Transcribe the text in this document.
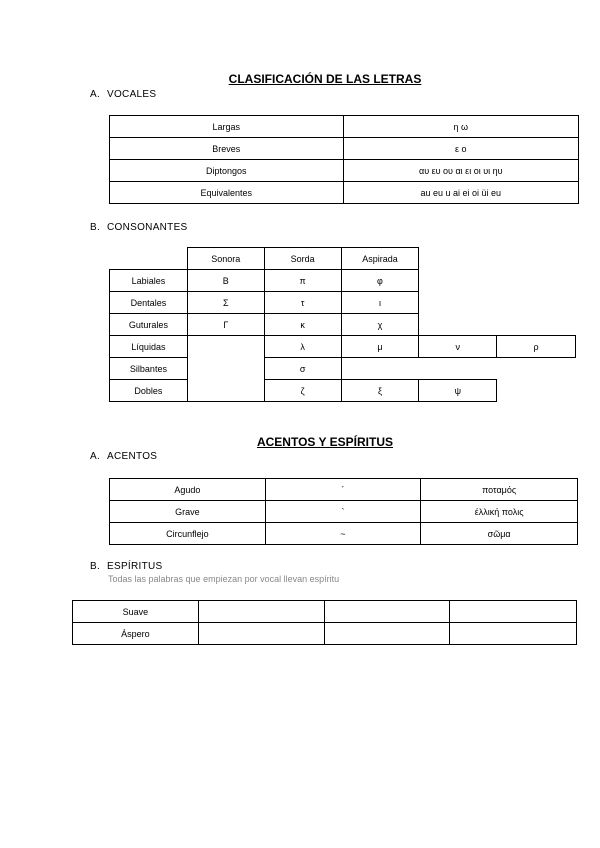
CLASIFICACIÓN DE LAS LETRAS
A. VOCALES
Largas	η ω
Breves	ε ο
Diptongos	αυ ευ ου αι ει οι υι ηυ
Equivalentes	au eu u ai ei oi üi eu
B. CONSONANTES
	Sonora	Sorda	Aspirada		
Labiales	Β	π	φ		
Dentales	Σ	τ	ι		
Guturales	Γ	κ	χ		
Líquidas		λ	μ	ν	ρ
Silbantes		σ			
Dobles		ζ	ξ	ψ	
ACENTOS Y ESPÍRITUS
A. ACENTOS
Agudo	´	ποταμός
Grave	`	έλλική πολις
Circunflejo	~	σῶμα
B. ESPÍRITUS
Todas las palabras que empiezan por vocal llevan espíritu
Suave			
Áspero			
